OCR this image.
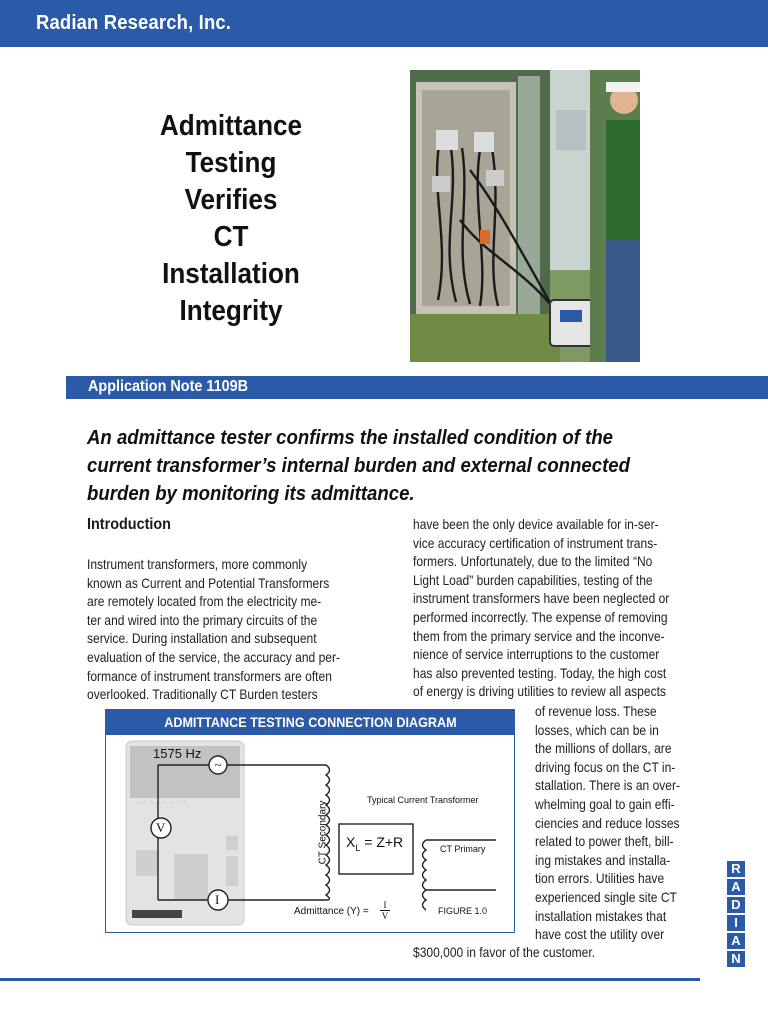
Radian Research, Inc.
Admittance
Testing
Verifies
CT
Installation
Integrity
Application Note 1109B
An admittance tester confirms the installed condition of the
current transformer’s internal burden and external connected
burden by monitoring its admittance.
Introduction
Instrument transformers, more commonly
known as Current and Potential Transformers
are remotely located from the electricity me-
ter and wired into the primary circuits of the
service. During installation and subsequent
evaluation of the service, the accuracy and per-
formance of instrument transformers are often
overlooked. Traditionally CT Burden testers
have been the only device available for in-ser-
vice accuracy certification of instrument trans-
formers. Unfortunately, due to the limited “No
Light Load” burden capabilities, testing of the
instrument transformers have been neglected or
performed incorrectly. The expense of removing
them from the primary service and the inconve-
nience of service interruptions to the customer
has also prevented testing. Today, the high cost
of energy is driving utilities to review all aspects
of revenue loss. These
losses, which can be in
the millions of dollars, are
driving focus on the CT in-
stallation. There is an over-
whelming goal to gain effi-
ciencies and reduce losses
related to power theft, bill-
ing mistakes and installa-
tion errors. Utilities have
experienced single site CT
installation mistakes that
have cost the utility over
$300,000 in favor of the customer.
ADMITTANCE TESTING CONNECTION DIAGRAM
^ ^ ^ ^ ^ ^ ^ ^
~
1575 Hz
V
I
CT Secondary
Typical Current Transformer
$X_L = Z+R$	CT Primary
Admittance $(Y) = \frac{I}{V}$	FIGURE 1.0
R
A
D
I
A
N
